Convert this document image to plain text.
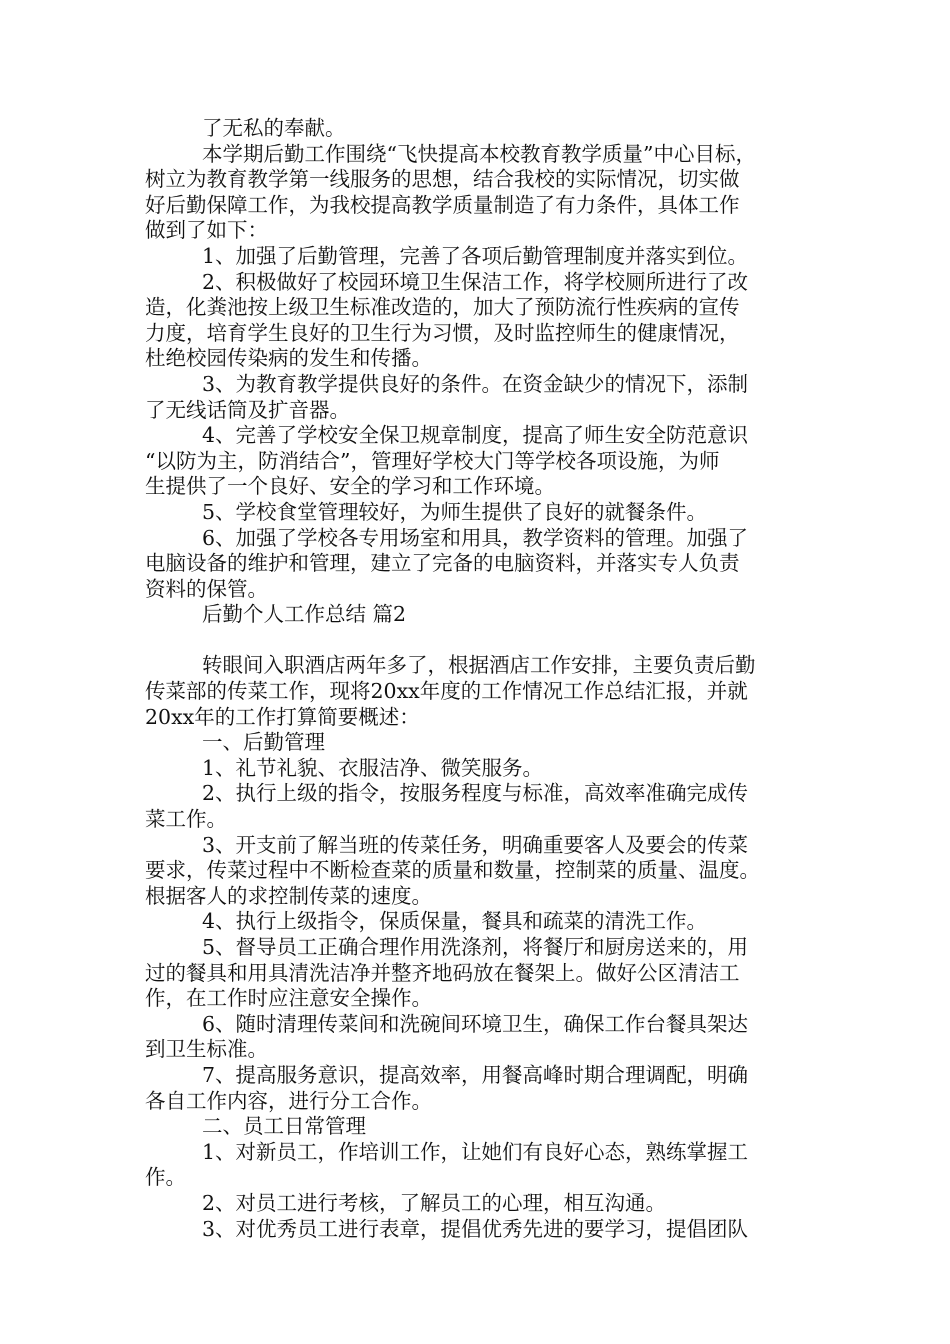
了无私的奉献。
本学期后勤工作围绕“飞快提高本校教育教学质量”中心目标，
树立为教育教学第一线服务的思想，结合我校的实际情况，切实做
好后勤保障工作，为我校提高教学质量制造了有力条件，具体工作
做到了如下：
1、加强了后勤管理，完善了各项后勤管理制度并落实到位。
2、积极做好了校园环境卫生保洁工作，将学校厕所进行了改
造，化粪池按上级卫生标准改造的，加大了预防流行性疾病的宣传
力度，培育学生良好的卫生行为习惯，及时监控师生的健康情况，
杜绝校园传染病的发生和传播。
3、为教育教学提供良好的条件。在资金缺少的情况下，添制
了无线话筒及扩音器。
4、完善了学校安全保卫规章制度，提高了师生安全防范意识
“以防为主，防消结合”，管理好学校大门等学校各项设施，为师
生提供了一个良好、安全的学习和工作环境。
5、学校食堂管理较好，为师生提供了良好的就餐条件。
6、加强了学校各专用场室和用具，教学资料的管理。加强了
电脑设备的维护和管理，建立了完备的电脑资料，并落实专人负责
资料的保管。
后勤个人工作总结 篇2
转眼间入职酒店两年多了，根据酒店工作安排，主要负责后勤
传菜部的传菜工作，现将20xx年度的工作情况工作总结汇报，并就
20xx年的工作打算简要概述：
一、后勤管理
1、礼节礼貌、衣服洁净、微笑服务。
2、执行上级的指令，按服务程度与标准，高效率准确完成传
菜工作。
3、开支前了解当班的传菜任务，明确重要客人及要会的传菜
要求，传菜过程中不断检查菜的质量和数量，控制菜的质量、温度。
根据客人的求控制传菜的速度。
4、执行上级指令，保质保量，餐具和疏菜的清洗工作。
5、督导员工正确合理作用洗涤剂，将餐厅和厨房送来的，用
过的餐具和用具清洗洁净并整齐地码放在餐架上。做好公区清洁工
作，在工作时应注意安全操作。
6、随时清理传菜间和洗碗间环境卫生，确保工作台餐具架达
到卫生标准。
7、提高服务意识，提高效率，用餐高峰时期合理调配，明确
各自工作内容，进行分工合作。
二、员工日常管理
1、对新员工，作培训工作，让她们有良好心态，熟练掌握工
作。
2、对员工进行考核，了解员工的心理，相互沟通。
3、对优秀员工进行表章，提倡优秀先进的要学习，提倡团队
